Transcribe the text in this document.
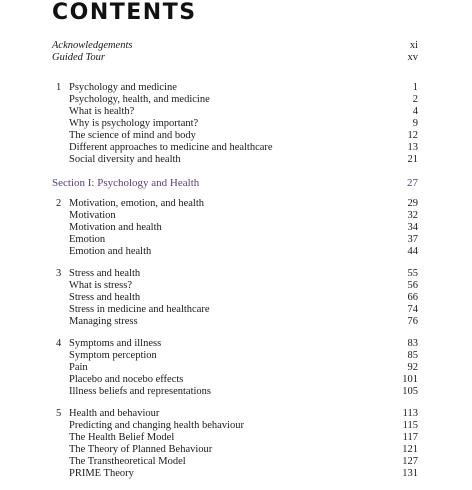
CONTENTS
Acknowledgements	xi
Guided Tour	xv
1 Psychology and medicine	1
Psychology, health, and medicine	2
What is health?	4
Why is psychology important?	9
The science of mind and body	12
Different approaches to medicine and healthcare	13
Social diversity and health	21
Section I: Psychology and Health	27
2 Motivation, emotion, and health	29
Motivation	32
Motivation and health	34
Emotion	37
Emotion and health	44
3 Stress and health	55
What is stress?	56
Stress and health	66
Stress in medicine and healthcare	74
Managing stress	76
4 Symptoms and illness	83
Symptom perception	85
Pain	92
Placebo and nocebo effects	101
Illness beliefs and representations	105
5 Health and behaviour	113
Predicting and changing health behaviour	115
The Health Belief Model	117
The Theory of Planned Behaviour	121
The Transtheoretical Model	127
PRIME Theory	131
